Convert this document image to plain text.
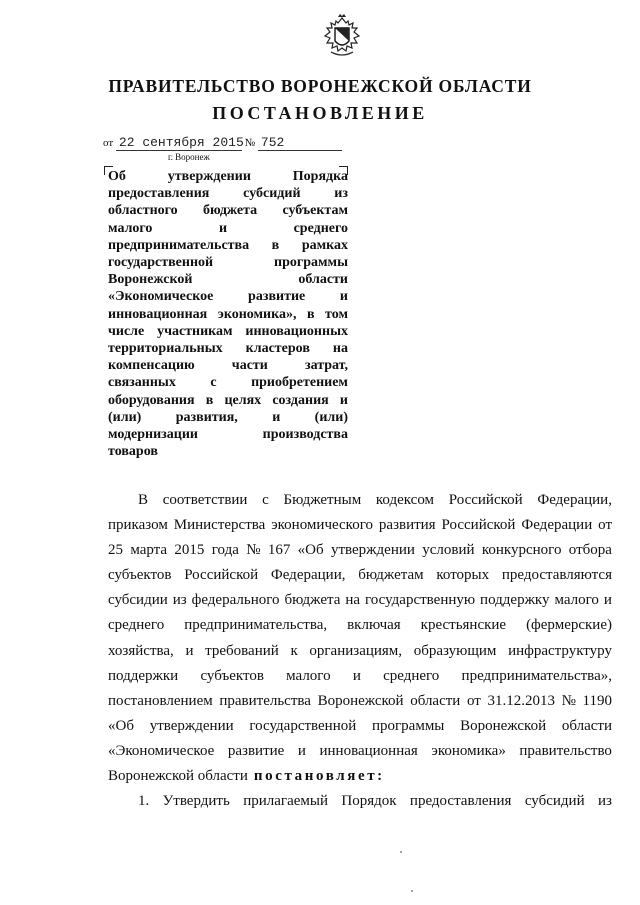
ПРАВИТЕЛЬСТВО ВОРОНЕЖСКОЙ ОБЛАСТИ
ПОСТАНОВЛЕНИЕ
от 22 сентября 2015 № 752
г. Воронеж
Об	утверждении	Порядка
предоставления субсидий из
областного бюджета субъектам
малого	и	среднего
предпринимательства в рамках
государственной	программы
Воронежской	области
«Экономическое развитие и
инновационная экономика», в том
числе участникам инновационных
территориальных кластеров на
компенсацию	части	затрат,
связанных с приобретением
оборудования в целях создания и
(или) развития, и (или)
модернизации	производства
товаров
В соответствии с Бюджетным кодексом Российской Федерации,
приказом Министерства экономического развития Российской Федерации от
25 марта 2015 года № 167 «Об утверждении условий конкурсного отбора
субъектов Российской Федерации, бюджетам которых предоставляются
субсидии из федерального бюджета на государственную поддержку малого и
среднего предпринимательства, включая крестьянские (фермерские)
хозяйства, и требований к организациям, образующим инфраструктуру
поддержки субъектов малого и среднего предпринимательства»,
постановлением правительства Воронежской области от 31.12.2013 № 1190
«Об утверждении государственной программы Воронежской области
«Экономическое развитие и инновационная экономика» правительство
Воронежской области постановляет:
1. Утвердить прилагаемый Порядок предоставления субсидий из
